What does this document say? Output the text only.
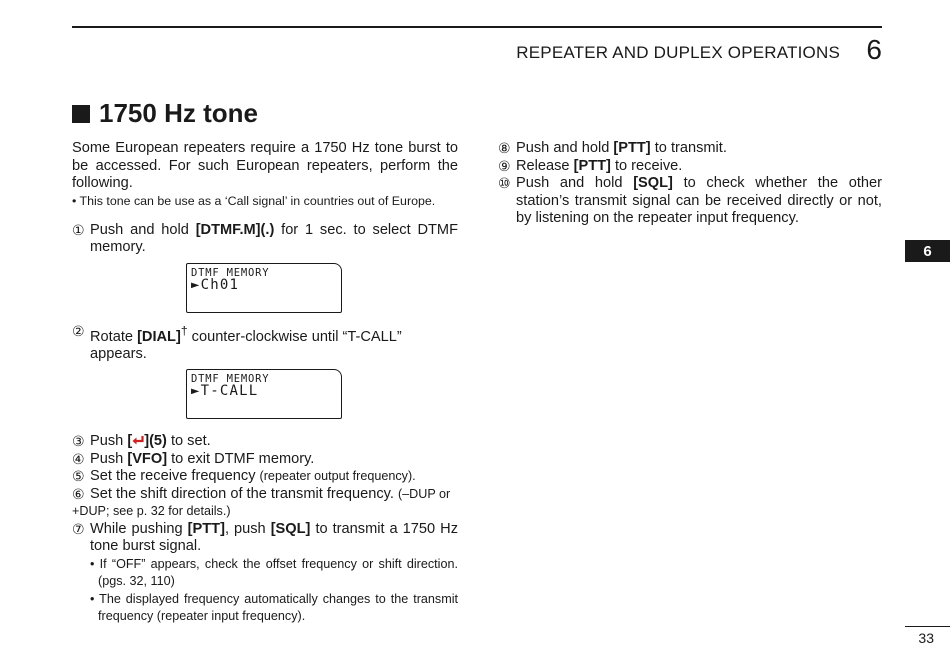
REPEATER AND DUPLEX OPERATIONS 6
1750 Hz tone
Some European repeaters require a 1750 Hz tone burst to be accessed. For such European repeaters, perform the following.
• This tone can be use as a ‘Call signal’ in countries out of Europe.
① Push and hold [DTMF.M](.) for 1 sec. to select DTMF memory.
DTMF MEMORY
►Ch01
② Rotate [DIAL]† counter-clockwise until “T-CALL” appears.
DTMF MEMORY
►T-CALL
③ Push [ ](5) to set.
④ Push [VFO] to exit DTMF memory.
⑤ Set the receive frequency (repeater output frequency).
⑥ Set the shift direction of the transmit frequency. (–DUP or +DUP; see p. 32 for details.)
⑦ While pushing [PTT], push [SQL] to transmit a 1750 Hz tone burst signal.
• If “OFF” appears, check the offset frequency or shift direction. (pgs. 32, 110)
• The displayed frequency automatically changes to the transmit frequency (repeater input frequency).
⑧ Push and hold [PTT] to transmit.
⑨ Release [PTT] to receive.
⑩ Push and hold [SQL] to check whether the other station’s transmit signal can be received directly or not, by listening on the repeater input frequency.
6
33
